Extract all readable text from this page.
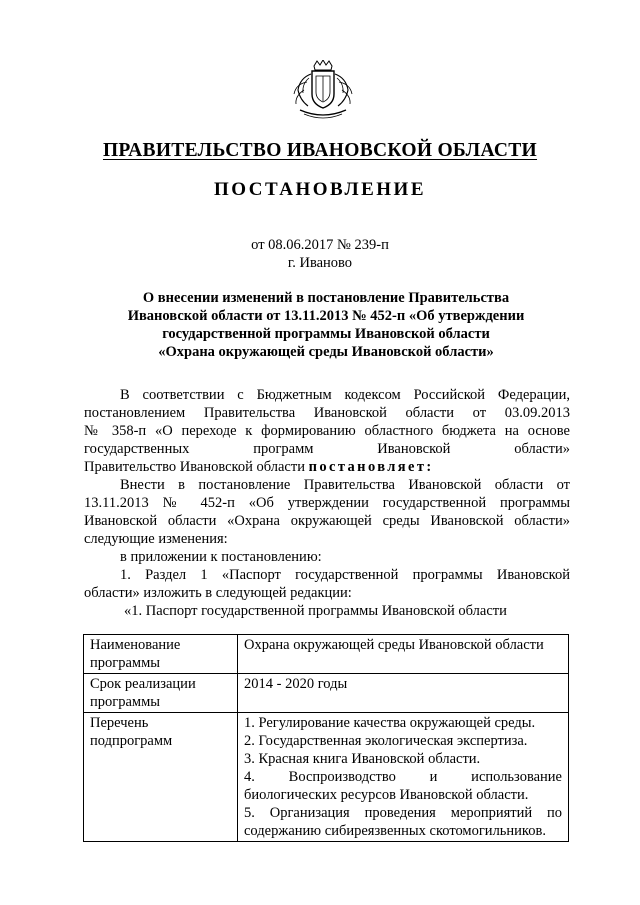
ПРАВИТЕЛЬСТВО ИВАНОВСКОЙ ОБЛАСТИ
ПОСТАНОВЛЕНИЕ
от 08.06.2017 № 239-п
г. Иваново
О внесении изменений в постановление Правительства
Ивановской области от 13.11.2013 № 452-п «Об утверждении
государственной программы Ивановской области
«Охрана окружающей среды Ивановской области»

В соответствии с Бюджетным кодексом Российской Федерации,

постановлением Правительства Ивановской области от 03.09.2013

№ 358-п «О переходе к формированию областного бюджета на основе

государственных программ Ивановской области»

Правительство Ивановской области постановляет:

Внести в постановление Правительства Ивановской области от

13.11.2013 № 452-п «Об утверждении государственной программы

Ивановской области «Охрана окружающей среды Ивановской области»

следующие изменения:

в приложении к постановлению:

1. Раздел 1 «Паспорт государственной программы Ивановской

области» изложить в следующей редакции:

«1. Паспорт государственной программы Ивановской области

Наименование программы	Охрана окружающей среды Ивановской области

Срок реализации программы	2014 - 2020 годы

Перечень подпрограмм	1. Регулирование качества окружающей среды.

2. Государственная экологическая экспертиза.

3. Красная книга Ивановской области.

4. Воспроизводство и использование биологических ресурсов Ивановской области.

5. Организация проведения мероприятий по содержанию сибиреязвенных скотомогильников.
